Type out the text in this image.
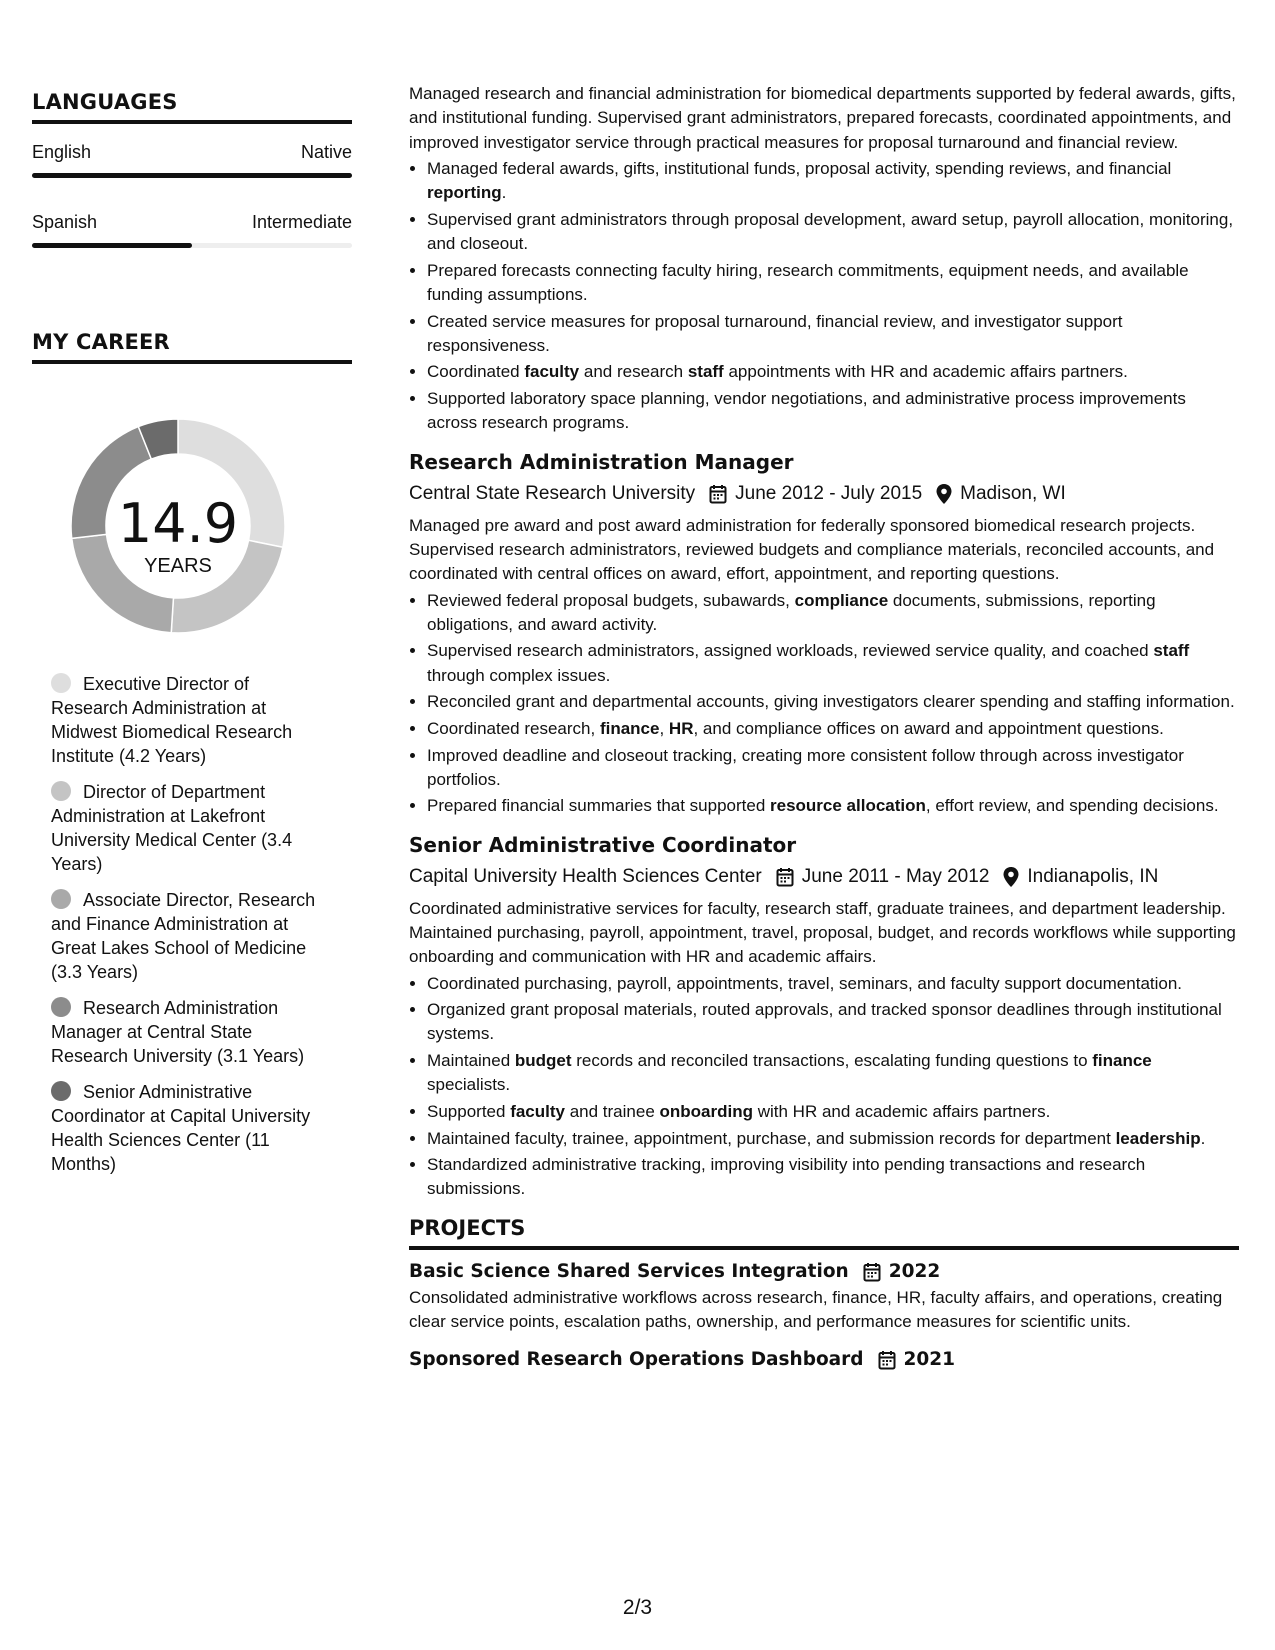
LANGUAGES
English	Native
Spanish	Intermediate
MY CAREER
14.9
YEARS
Executive Director of Research Administration at Midwest Biomedical Research Institute (4.2 Years)
Director of Department Administration at Lakefront University Medical Center (3.4 Years)
Associate Director, Research and Finance Administration at Great Lakes School of Medicine (3.3 Years)
Research Administration Manager at Central State Research University (3.1 Years)
Senior Administrative Coordinator at Capital University Health Sciences Center (11 Months)

Managed research and financial administration for biomedical departments supported by federal awards, gifts, and institutional funding. Supervised grant administrators, prepared forecasts, coordinated appointments, and improved investigator service through practical measures for proposal turnaround and financial review.

• Managed federal awards, gifts, institutional funds, proposal activity, spending reviews, and financial reporting.
• Supervised grant administrators through proposal development, award setup, payroll allocation, monitoring, and closeout.
• Prepared forecasts connecting faculty hiring, research commitments, equipment needs, and available funding assumptions.
• Created service measures for proposal turnaround, financial review, and investigator support responsiveness.
• Coordinated faculty and research staff appointments with HR and academic affairs partners.
• Supported laboratory space planning, vendor negotiations, and administrative process improvements across research programs.
Research Administration Manager
Central State Research University June 2012 - July 2015 Madison, WI

Managed pre award and post award administration for federally sponsored biomedical research projects. Supervised research administrators, reviewed budgets and compliance materials, reconciled accounts, and coordinated with central offices on award, effort, appointment, and reporting questions.

• Reviewed federal proposal budgets, subawards, compliance documents, submissions, reporting obligations, and award activity.
• Supervised research administrators, assigned workloads, reviewed service quality, and coached staff through complex issues.
• Reconciled grant and departmental accounts, giving investigators clearer spending and staffing information.
• Coordinated research, finance, HR, and compliance offices on award and appointment questions.
• Improved deadline and closeout tracking, creating more consistent follow through across investigator portfolios.
• Prepared financial summaries that supported resource allocation, effort review, and spending decisions.
Senior Administrative Coordinator
Capital University Health Sciences Center June 2011 - May 2012 Indianapolis, IN

Coordinated administrative services for faculty, research staff, graduate trainees, and department leadership. Maintained purchasing, payroll, appointment, travel, proposal, budget, and records workflows while supporting onboarding and communication with HR and academic affairs.

• Coordinated purchasing, payroll, appointments, travel, seminars, and faculty support documentation.
• Organized grant proposal materials, routed approvals, and tracked sponsor deadlines through institutional systems.
• Maintained budget records and reconciled transactions, escalating funding questions to finance specialists.
• Supported faculty and trainee onboarding with HR and academic affairs partners.
• Maintained faculty, trainee, appointment, purchase, and submission records for department leadership.
• Standardized administrative tracking, improving visibility into pending transactions and research submissions.
PROJECTS
Basic Science Shared Services Integration 2022

Consolidated administrative workflows across research, finance, HR, faculty affairs, and operations, creating clear service points, escalation paths, ownership, and performance measures for scientific units.

Sponsored Research Operations Dashboard 2021
2/3
